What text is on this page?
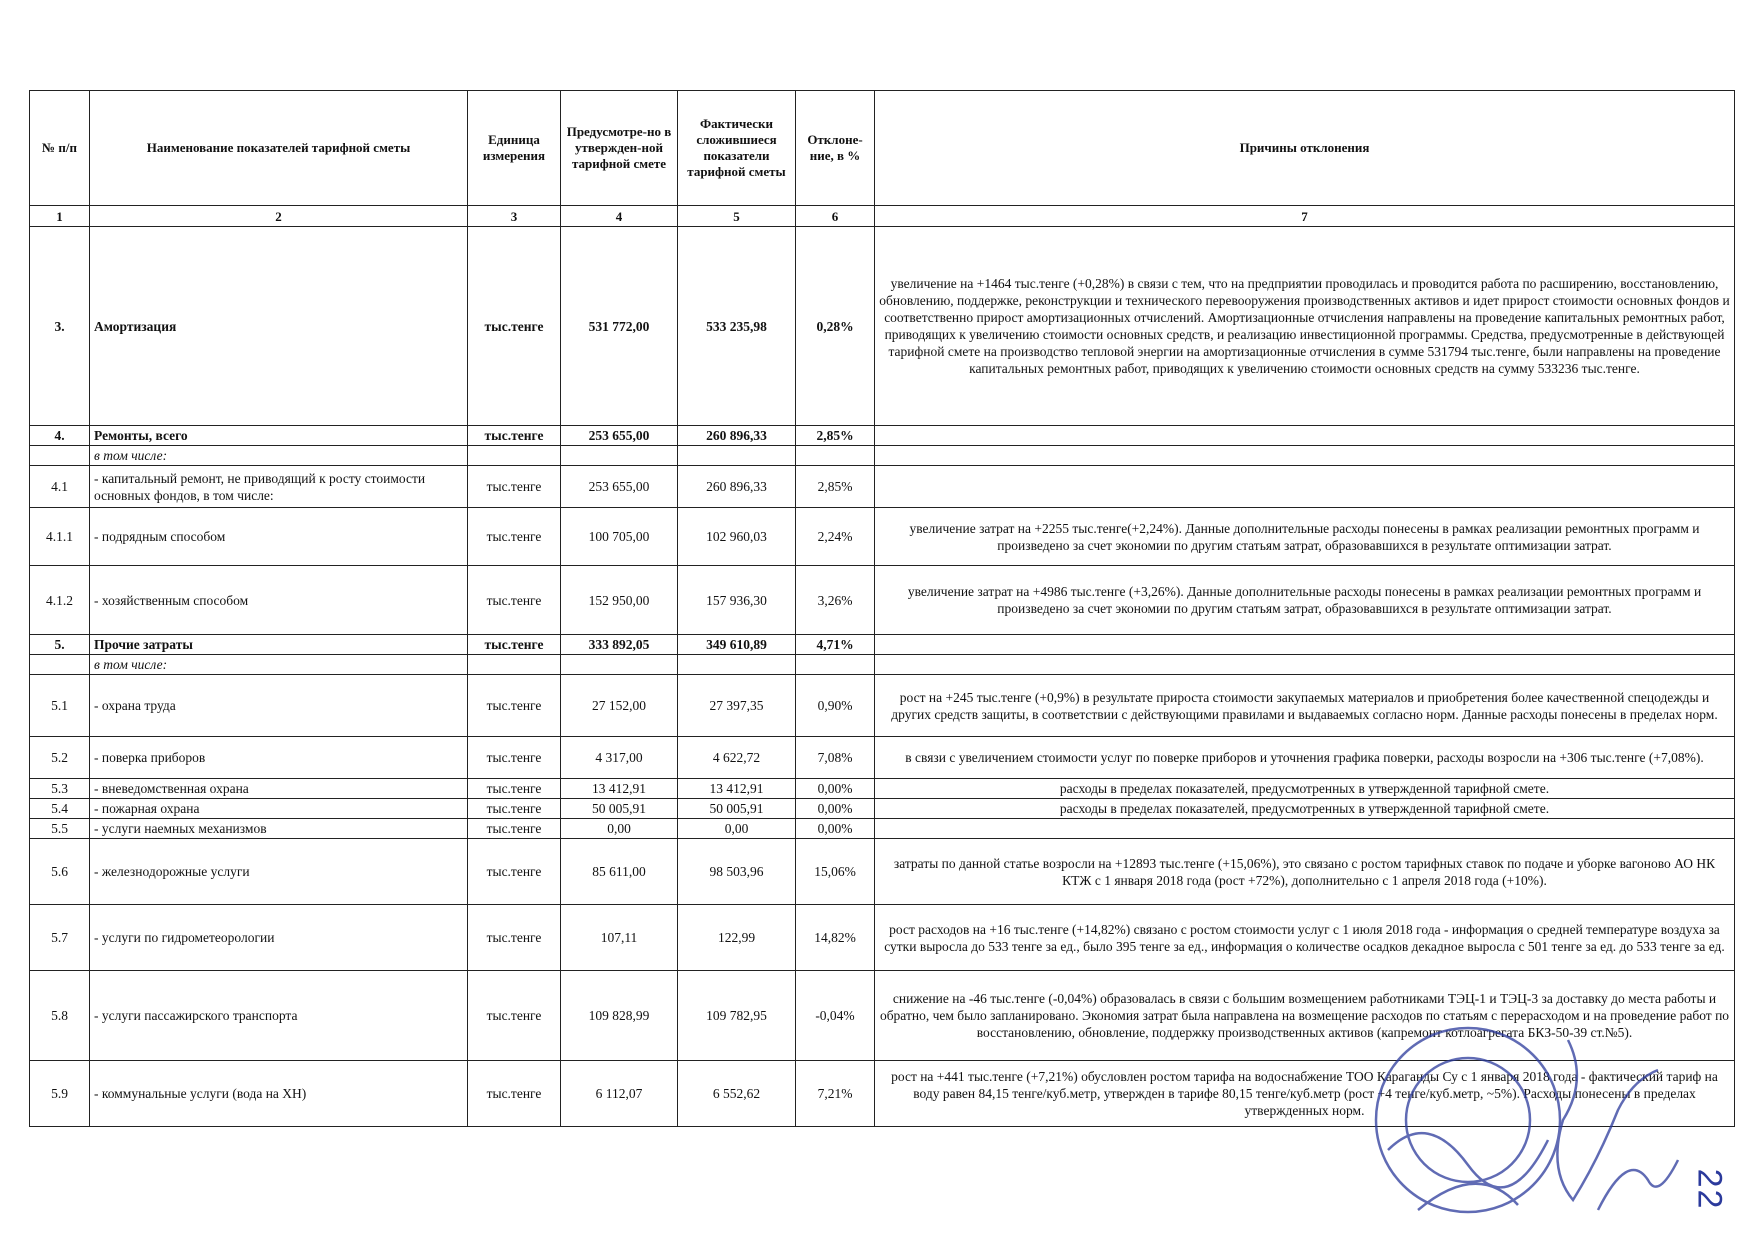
№ п/п	Наименование показателей тарифной сметы	Единица измерения	Предусмотре-но в утвержден-ной тарифной смете	Фактически сложившиеся показатели тарифной сметы	Отклоне-ние, в %	Причины отклонения
1	2	3	4	5	6	7
3.	Амортизация	тыс.тенге	531 772,00	533 235,98	0,28%	увеличение на +1464 тыс.тенге (+0,28%) в связи с тем, что на предприятии проводилась и проводится работа по расширению, восстановлению, обновлению, поддержке, реконструкции и технического перевооружения производственных активов и идет прирост стоимости основных фондов и соответственно прирост амортизационных отчислений. Амортизационные отчисления направлены на проведение капитальных ремонтных работ, приводящих к увеличению стоимости основных средств, и реализацию инвестиционной программы. Средства, предусмотренные в действующей тарифной смете на производство тепловой энергии на амортизационные отчисления в сумме 531794 тыс.тенге, были направлены на проведение капитальных ремонтных работ, приводящих к увеличению стоимости основных средств на сумму 533236 тыс.тенге.
4.	Ремонты, всего	тыс.тенге	253 655,00	260 896,33	2,85%	
	в том числе:					
4.1	- капитальный ремонт, не приводящий к росту стоимости основных фондов, в том числе:	тыс.тенге	253 655,00	260 896,33	2,85%	
4.1.1	- подрядным способом	тыс.тенге	100 705,00	102 960,03	2,24%	увеличение затрат на +2255 тыс.тенге(+2,24%). Данные дополнительные расходы понесены в рамках реализации ремонтных программ и произведено за счет экономии по другим статьям затрат, образовавшихся в результате оптимизации затрат.
4.1.2	- хозяйственным способом	тыс.тенге	152 950,00	157 936,30	3,26%	увеличение затрат на +4986 тыс.тенге (+3,26%). Данные дополнительные расходы понесены в рамках реализации ремонтных программ и произведено за счет экономии по другим статьям затрат, образовавшихся в результате оптимизации затрат.
5.	Прочие затраты	тыс.тенге	333 892,05	349 610,89	4,71%	
	в том числе:					
5.1	- охрана труда	тыс.тенге	27 152,00	27 397,35	0,90%	рост на +245 тыс.тенге (+0,9%) в результате прироста стоимости закупаемых материалов и приобретения более качественной спецодежды и других средств защиты, в соответствии с действующими правилами и выдаваемых согласно норм. Данные расходы понесены в пределах норм.
5.2	- поверка приборов	тыс.тенге	4 317,00	4 622,72	7,08%	в связи с увеличением стоимости услуг по поверке приборов и уточнения графика поверки, расходы возросли на +306 тыс.тенге (+7,08%).
5.3	- вневедомственная охрана	тыс.тенге	13 412,91	13 412,91	0,00%	расходы в пределах показателей, предусмотренных в утвержденной тарифной смете.
5.4	- пожарная охрана	тыс.тенге	50 005,91	50 005,91	0,00%	расходы в пределах показателей, предусмотренных в утвержденной тарифной смете.
5.5	- услуги наемных механизмов	тыс.тенге	0,00	0,00	0,00%	
5.6	- железнодорожные услуги	тыс.тенге	85 611,00	98 503,96	15,06%	затраты по данной статье возросли на +12893 тыс.тенге (+15,06%), это связано с ростом тарифных ставок по подаче и уборке вагоново АО НК КТЖ с 1 января 2018 года (рост +72%), дополнительно с 1 апреля 2018 года (+10%).
5.7	- услуги по гидрометеорологии	тыс.тенге	107,11	122,99	14,82%	рост расходов на +16 тыс.тенге (+14,82%) связано с ростом стоимости услуг с 1 июля 2018 года - информация о средней температуре воздуха за сутки выросла до 533 тенге за ед., было 395 тенге за ед., информация о количестве осадков декадное выросла с 501 тенге за ед. до 533 тенге за ед.
5.8	- услуги пассажирского транспорта	тыс.тенге	109 828,99	109 782,95	-0,04%	снижение на -46 тыс.тенге (-0,04%) образовалась в связи с большим возмещением работниками ТЭЦ-1 и ТЭЦ-3 за доставку до места работы и обратно, чем было запланировано. Экономия затрат была направлена на возмещение расходов по статьям с перерасходом и на проведение работ по восстановлению, обновление, поддержку производственных активов (капремонт котлоагрегата БКЗ-50-39 ст.№5).
5.9	- коммунальные услуги (вода на ХН)	тыс.тенге	6 112,07	6 552,62	7,21%	рост на +441 тыс.тенге (+7,21%) обусловлен ростом тарифа на водоснабжение ТОО Караганды Су с 1 января 2018 года - фактический тариф на воду равен 84,15 тенге/куб.метр, утвержден в тарифе 80,15 тенге/куб.метр (рост +4 тенге/куб.метр, ~5%). Расходы понесены в пределах утвержденных норм.
22
